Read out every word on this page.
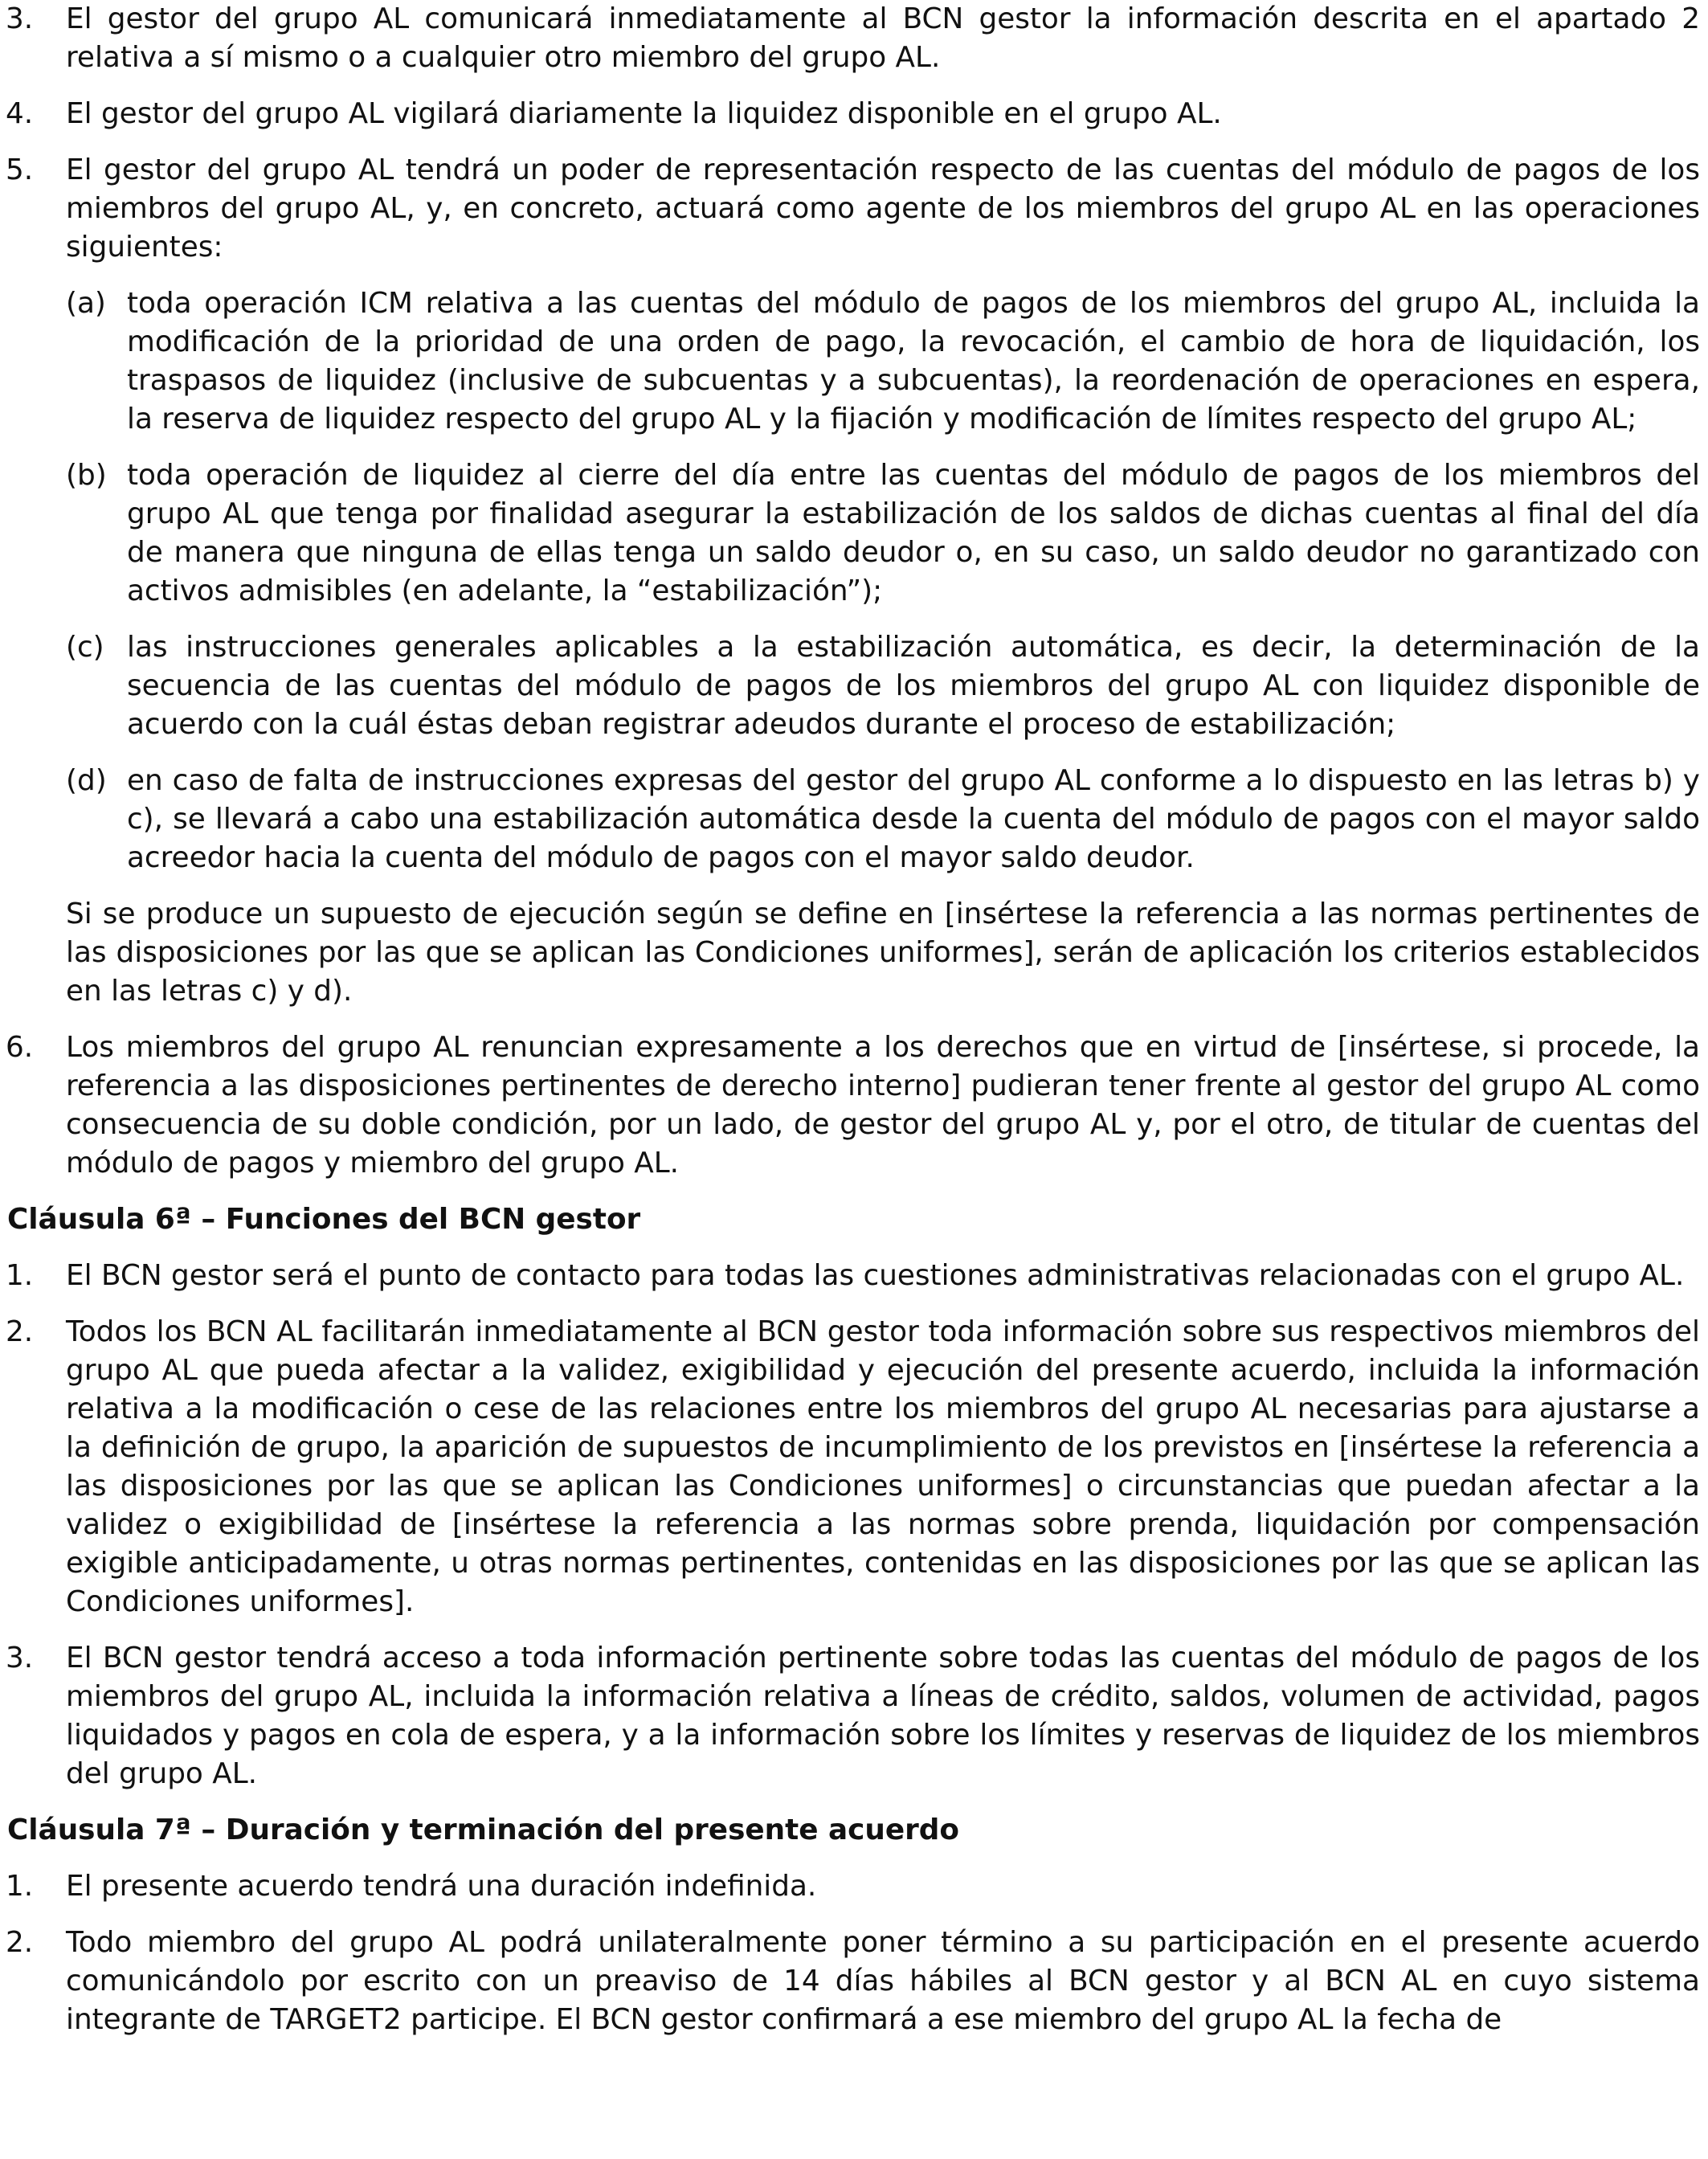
3. El gestor del grupo AL comunicará inmediatamente al BCN gestor la información descrita en el apartado 2 relativa a sí mismo o a cualquier otro miembro del grupo AL.
4. El gestor del grupo AL vigilará diariamente la liquidez disponible en el grupo AL.
5. El gestor del grupo AL tendrá un poder de representación respecto de las cuentas del módulo de pagos de los miembros del grupo AL, y, en concreto, actuará como agente de los miembros del grupo AL en las operaciones siguientes:
(a) toda operación ICM relativa a las cuentas del módulo de pagos de los miembros del grupo AL, incluida la modificación de la prioridad de una orden de pago, la revocación, el cambio de hora de liquidación, los traspasos de liquidez (inclusive de subcuentas y a subcuentas), la reordenación de operaciones en espera, la reserva de liquidez respecto del grupo AL y la fijación y modificación de límites respecto del grupo AL;
(b) toda operación de liquidez al cierre del día entre las cuentas del módulo de pagos de los miembros del grupo AL que tenga por finalidad asegurar la estabilización de los saldos de dichas cuentas al final del día de manera que ninguna de ellas tenga un saldo deudor o, en su caso, un saldo deudor no garantizado con activos admisibles (en adelante, la “estabilización”);
(c) las instrucciones generales aplicables a la estabilización automática, es decir, la determinación de la secuencia de las cuentas del módulo de pagos de los miembros del grupo AL con liquidez disponible de acuerdo con la cuál éstas deban registrar adeudos durante el proceso de estabilización;
(d) en caso de falta de instrucciones expresas del gestor del grupo AL conforme a lo dispuesto en las letras b) y c), se llevará a cabo una estabilización automática desde la cuenta del módulo de pagos con el mayor saldo acreedor hacia la cuenta del módulo de pagos con el mayor saldo deudor.
Si se produce un supuesto de ejecución según se define en [insértese la referencia a las normas pertinentes de las disposiciones por las que se aplican las Condiciones uniformes], serán de aplicación los criterios establecidos en las letras c) y d).
6. Los miembros del grupo AL renuncian expresamente a los derechos que en virtud de [insértese, si procede, la referencia a las disposiciones pertinentes de derecho interno] pudieran tener frente al gestor del grupo AL como consecuencia de su doble condición, por un lado, de gestor del grupo AL y, por el otro, de titular de cuentas del módulo de pagos y miembro del grupo AL.
Cláusula 6ª – Funciones del BCN gestor
1. El BCN gestor será el punto de contacto para todas las cuestiones administrativas relacionadas con el grupo AL.
2. Todos los BCN AL facilitarán inmediatamente al BCN gestor toda información sobre sus respectivos miembros del grupo AL que pueda afectar a la validez, exigibilidad y ejecución del presente acuerdo, incluida la información relativa a la modificación o cese de las relaciones entre los miembros del grupo AL necesarias para ajustarse a la definición de grupo, la aparición de supuestos de incumplimiento de los previstos en [insértese la referencia a las disposiciones por las que se aplican las Condiciones uniformes] o circunstancias que puedan afectar a la validez o exigibilidad de [insértese la referencia a las normas sobre prenda, liquidación por compensación exigible anticipadamente, u otras normas pertinentes, contenidas en las disposiciones por las que se aplican las Condiciones uniformes].
3. El BCN gestor tendrá acceso a toda información pertinente sobre todas las cuentas del módulo de pagos de los miembros del grupo AL, incluida la información relativa a líneas de crédito, saldos, volumen de actividad, pagos liquidados y pagos en cola de espera, y a la información sobre los límites y reservas de liquidez de los miembros del grupo AL.
Cláusula 7ª – Duración y terminación del presente acuerdo
1. El presente acuerdo tendrá una duración indefinida.
2. Todo miembro del grupo AL podrá unilateralmente poner término a su participación en el presente acuerdo comunicándolo por escrito con un preaviso de 14 días hábiles al BCN gestor y al BCN AL en cuyo sistema integrante de TARGET2 participe. El BCN gestor confirmará a ese miembro del grupo AL la fecha de
